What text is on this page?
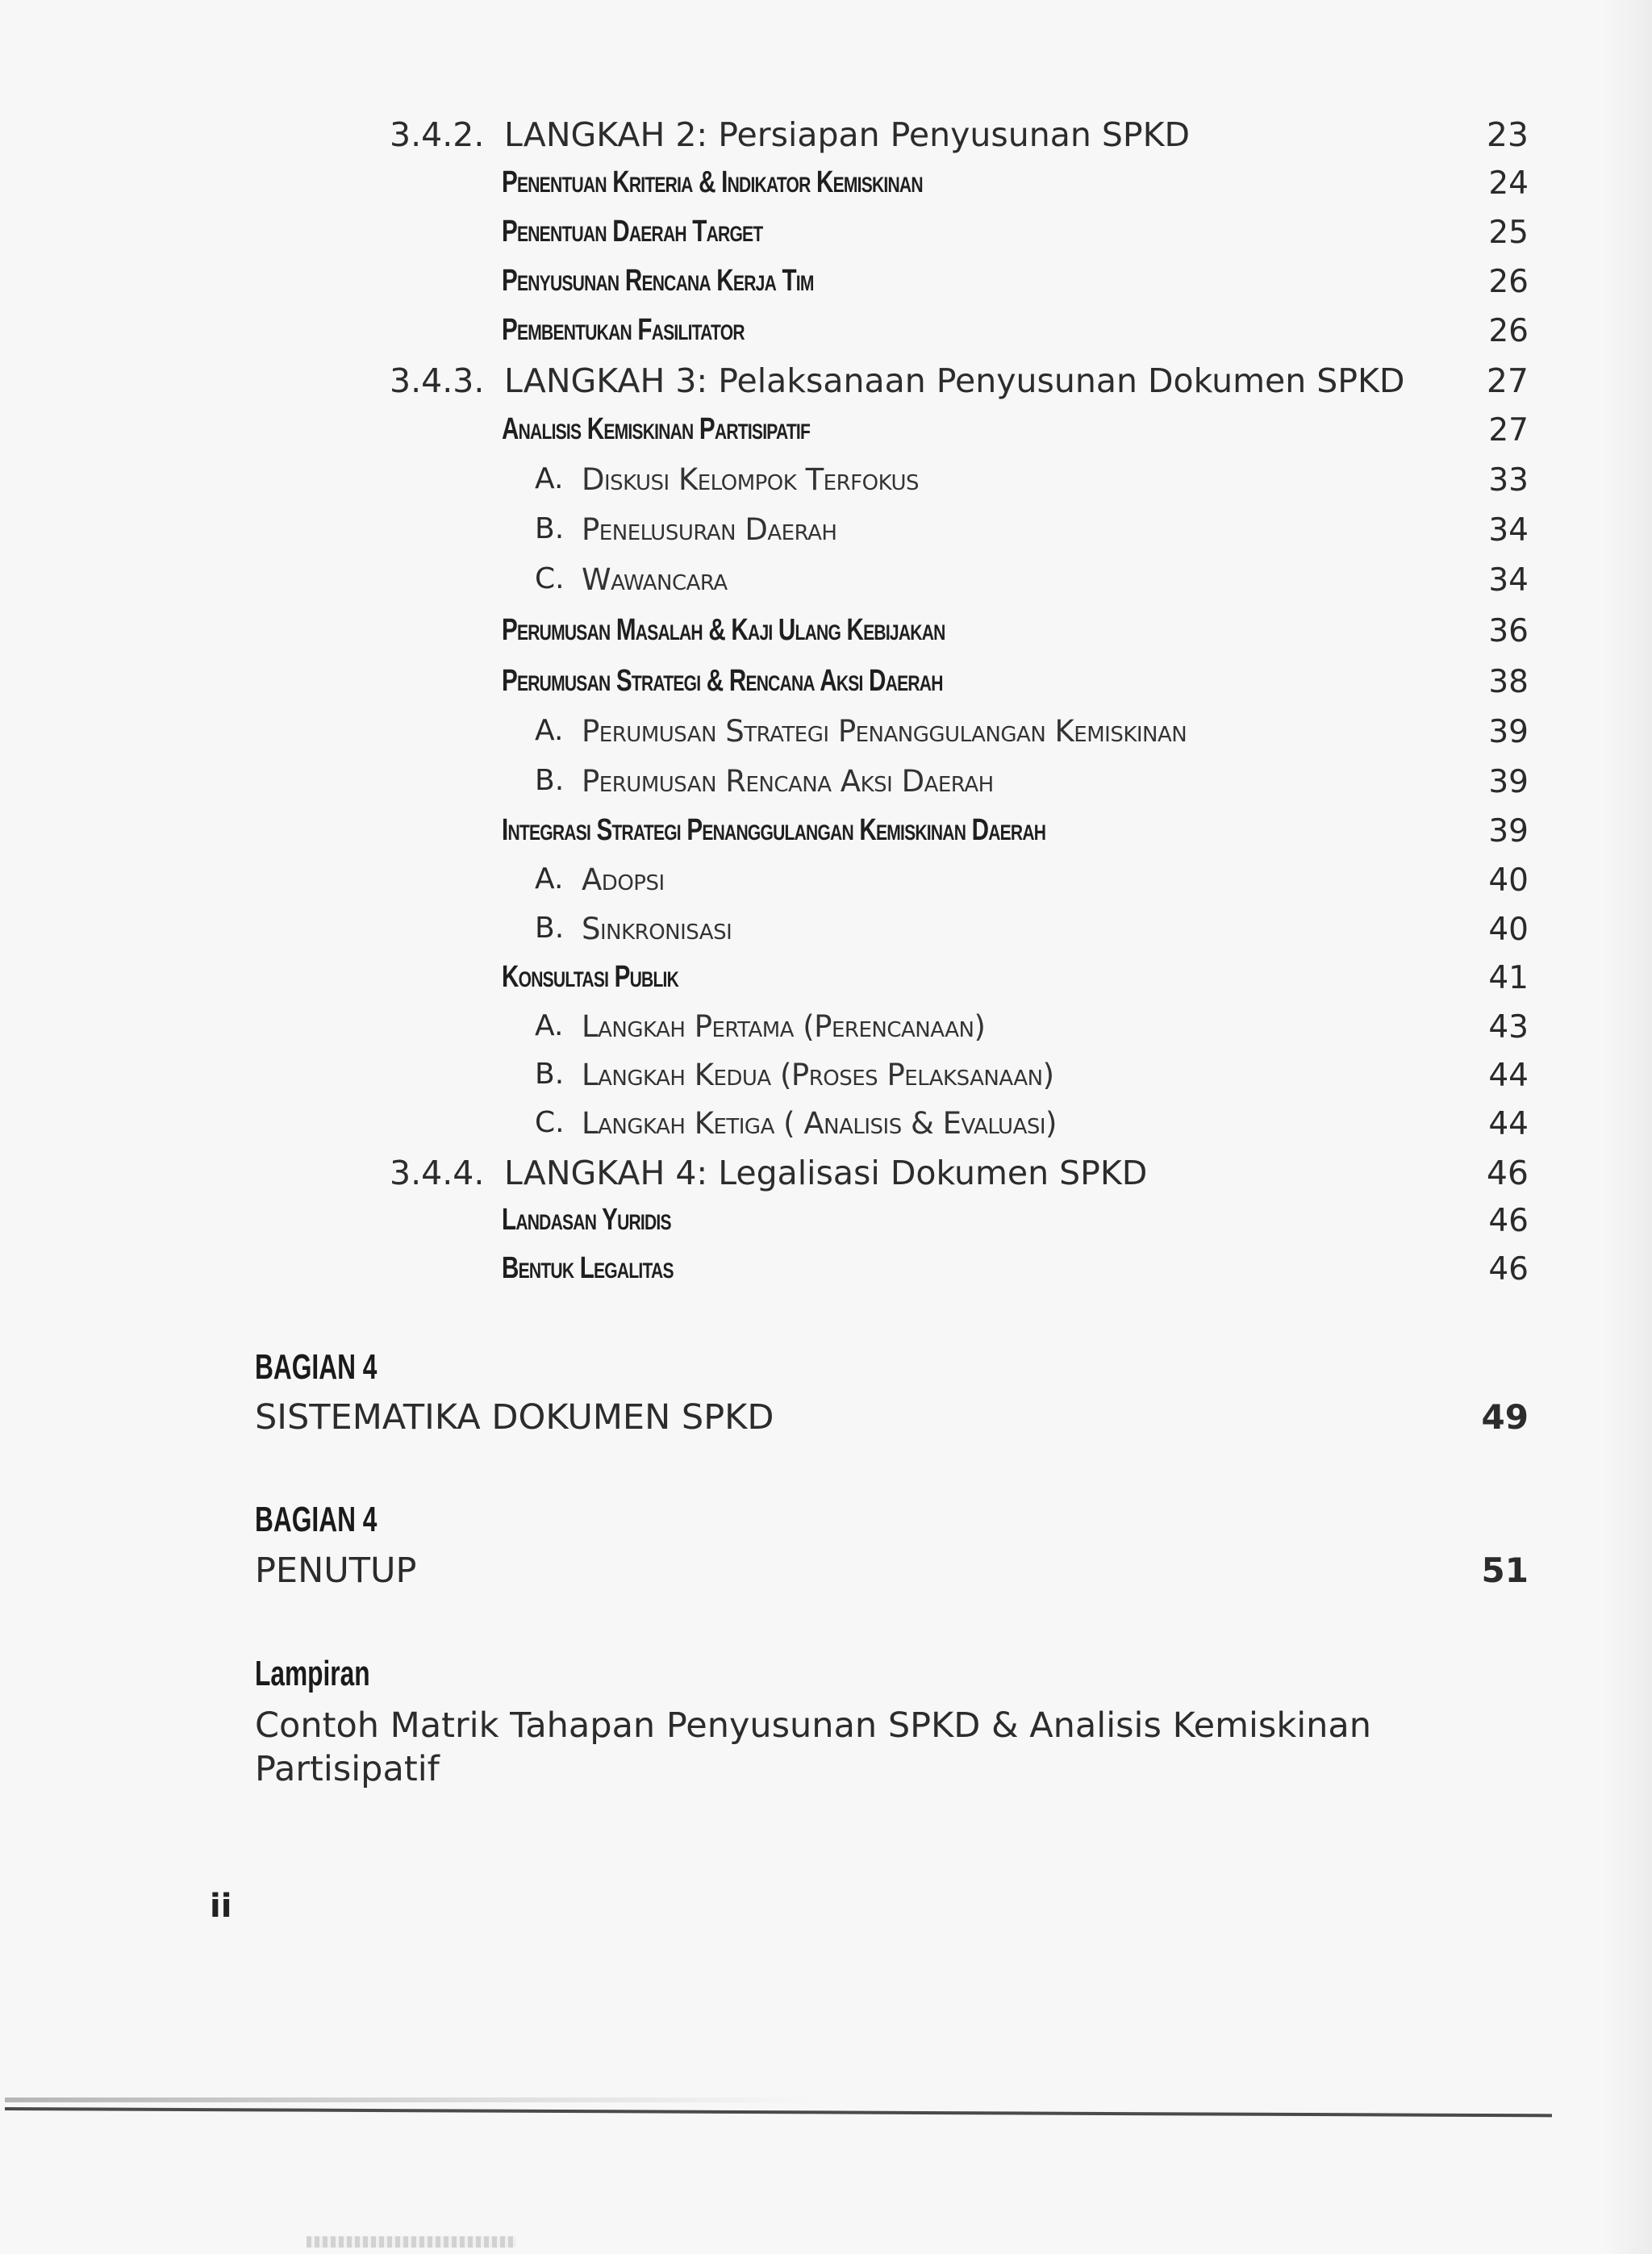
3.4.2. LANGKAH 2: Persiapan Penyusunan SPKD	23
Penentuan Kriteria & Indikator Kemiskinan	24
Penentuan Daerah Target	25
Penyusunan Rencana Kerja Tim	26
Pembentukan Fasilitator	26
3.4.3. LANGKAH 3: Pelaksanaan Penyusunan Dokumen SPKD 27
Analisis Kemiskinan Partisipatif	27
A. Diskusi Kelompok Terfokus	33
B. Penelusuran Daerah	34
C. Wawancara	34
Perumusan Masalah & Kaji Ulang Kebijakan	36
Perumusan Strategi & Rencana Aksi Daerah	38
A. Perumusan Strategi Penanggulangan Kemiskinan	39
B. Perumusan Rencana Aksi Daerah	39
Integrasi Strategi Penanggulangan Kemiskinan Daerah	39
A. Adopsi	40
B. Sinkronisasi	40
Konsultasi Publik	41
A. Langkah Pertama (Perencanaan)	43
B. Langkah Kedua (Proses Pelaksanaan)	44
C. Langkah Ketiga ( Analisis & Evaluasi)	44
3.4.4. LANGKAH 4: Legalisasi Dokumen SPKD	46
Landasan Yuridis	46
Bentuk Legalitas	46
BAGIAN 4
SISTEMATIKA DOKUMEN SPKD	49
BAGIAN 4
PENUTUP	51
Lampiran
Contoh Matrik Tahapan Penyusunan SPKD & Analisis Kemiskinan Partisipatif
ii
